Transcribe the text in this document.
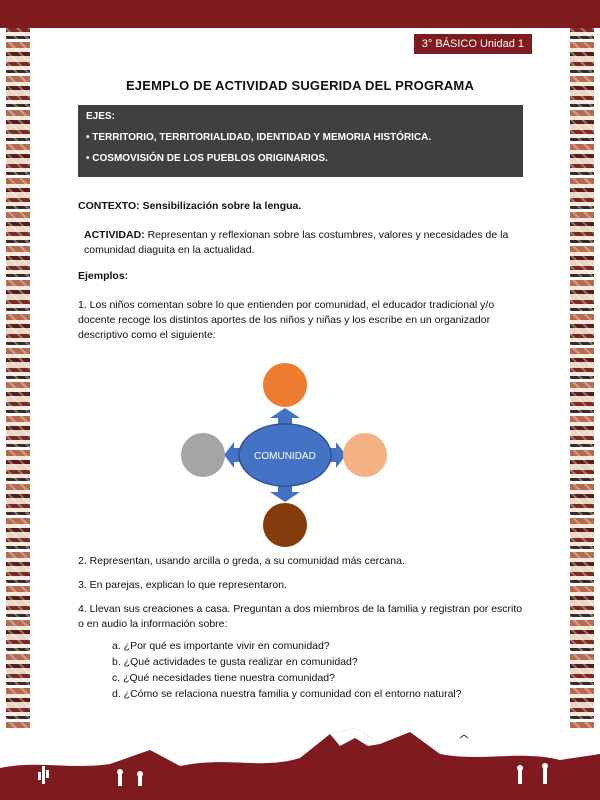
3° BÁSICO Unidad 1
EJEMPLO DE ACTIVIDAD SUGERIDA DEL PROGRAMA
EJES:
• TERRITORIO, TERRITORIALIDAD, IDENTIDAD Y MEMORIA HISTÓRICA.
• COSMOVISIÓN DE LOS PUEBLOS ORIGINARIOS.
CONTEXTO: Sensibilización sobre la lengua.
ACTIVIDAD: Representan y reflexionan sobre las costumbres, valores y necesidades de la comunidad diaguita en la actualidad.
Ejemplos:
1. Los niños comentan sobre lo que entienden por comunidad, el educador tradicional y/o docente recoge los distintos aportes de los niños y niñas y los escribe en un organizador descriptivo como el siguiente:
COMUNIDAD
2. Representan, usando arcilla o greda, a su comunidad más cercana.
3. En parejas, explican lo que representaron.
4. Llevan sus creaciones a casa. Preguntan a dos miembros de la familia y registran por escrito o en audio la información sobre:
a. ¿Por qué es importante vivir en comunidad?
b. ¿Qué actividades te gusta realizar en comunidad?
c. ¿Qué necesidades tiene nuestra comunidad?
d. ¿Cómo se relaciona nuestra familia y comunidad con el entorno natural?
